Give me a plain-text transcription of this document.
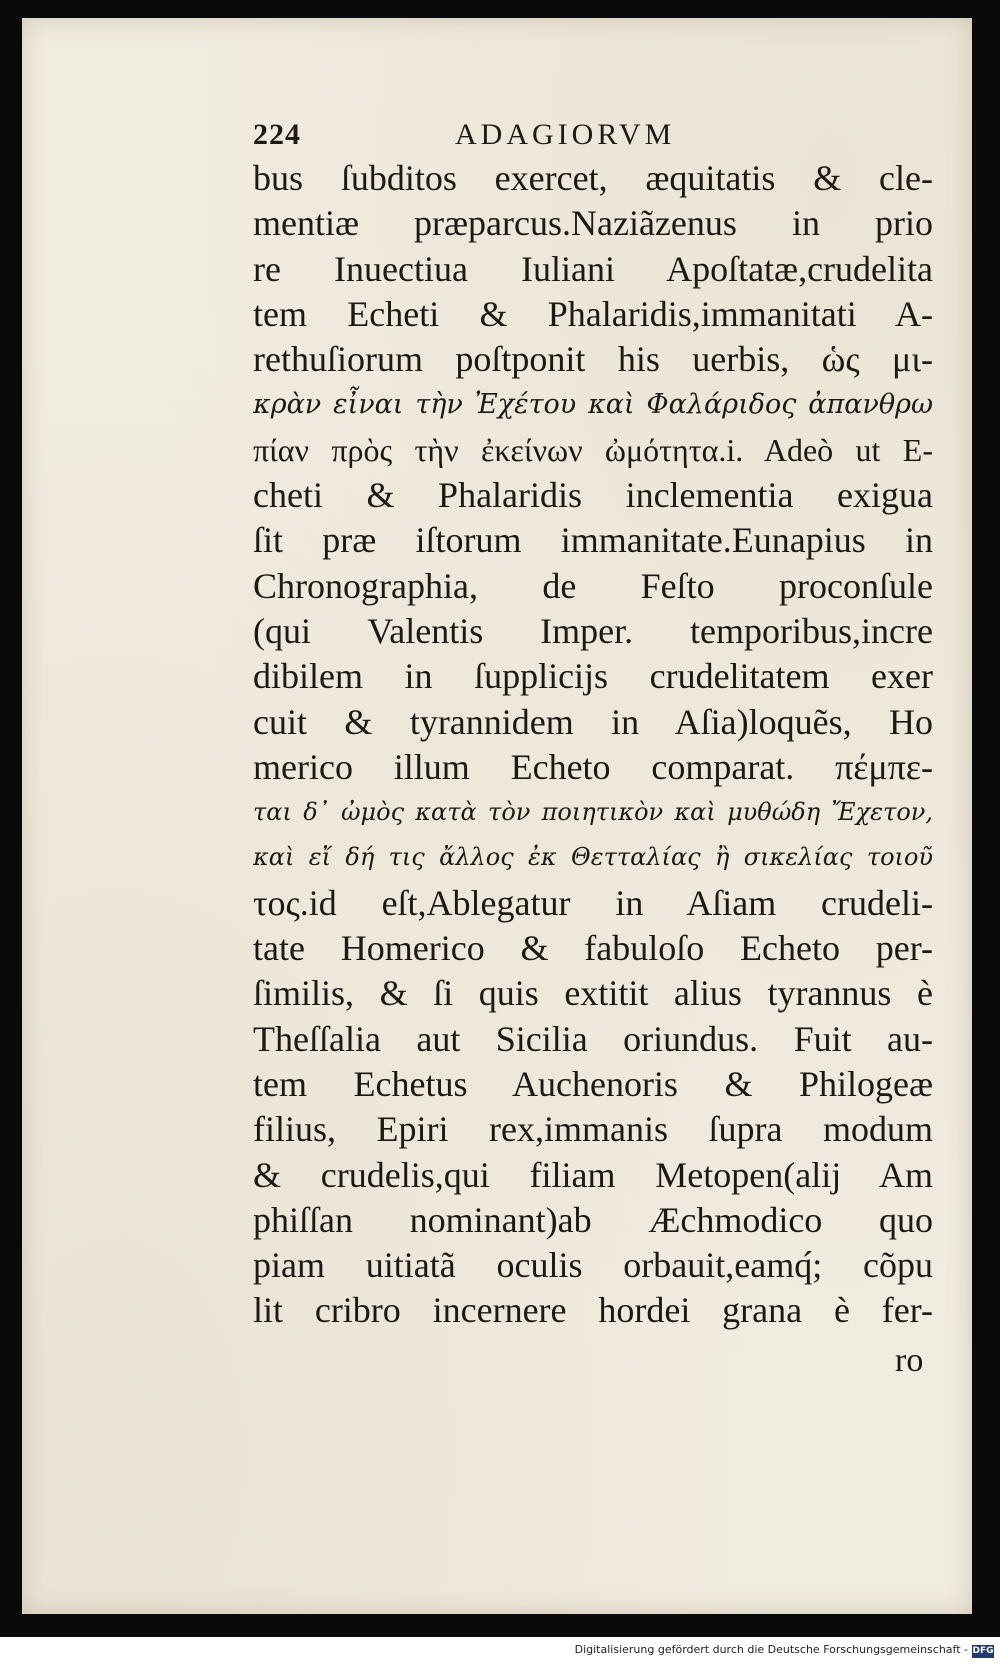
224	ADAGIORVM
bus ſubditos exercet, æquitatis & cle-
mentiæ præparcus.Naziãzenus in prio
re Inuectiua Iuliani Apoſtatæ,crudelita
tem Echeti & Phalaridis,immanitati A-
rethuſiorum poſtponit his uerbis, ὡς μι-
κρὰν εἶναι τὴν Ἐχέτου καὶ Φαλάριδος ἀπανθρω
πίαν πρὸς τὴν ἐκείνων ὠμότητα.i. Adeò ut E-
cheti & Phalaridis inclementia exigua
ſit præ iſtorum immanitate.Eunapius in
Chronographia, de Feſto proconſule
(qui Valentis Imper. temporibus,incre
dibilem in ſupplicijs crudelitatem exer
cuit & tyrannidem in Aſia)loquẽs, Ho
merico illum Echeto comparat. πέμπε-
ται δ᾽ ὠμὸς κατὰ τὸν ποιητικὸν καὶ μυθώδη Ἔχετον,
καὶ εἴ δή τις ἄλλος ἐκ Θετταλίας ἢ σικελίας τοιοῦ
τος.id eſt,Ablegatur in Aſiam crudeli-
tate Homerico & fabuloſo Echeto per-
ſimilis, & ſi quis extitit alius tyrannus è
Theſſalia aut Sicilia oriundus. Fuit au-
tem Echetus Auchenoris & Philogeæ
filius, Epiri rex,immanis ſupra modum
& crudelis,qui filiam Metopen(alij Am
phiſſan nominant)ab Æchmodico quo
piam uitiatã oculis orbauit,eamq́; cõpu
lit cribro incernere hordei grana è fer-
ro
Digitalisierung gefördert durch die Deutsche Forschungsgemeinschaft - DFG
